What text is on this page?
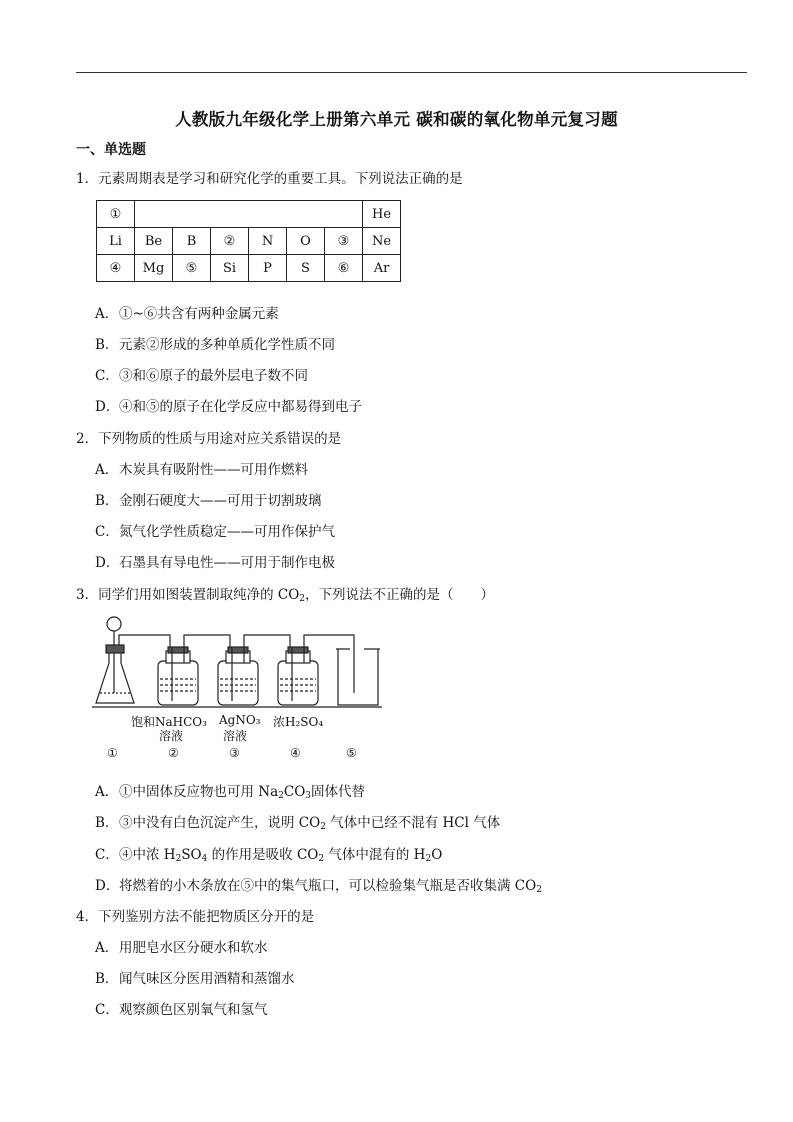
人教版九年级化学上册第六单元 碳和碳的氧化物单元复习题
一、单选题
1．元素周期表是学习和研究化学的重要工具。下列说法正确的是
①							He
Li	Be	B	②	N	O	③	Ne
④	Mg	⑤	Si	P	S	⑥	Ar
A．①~⑥共含有两种金属元素
B．元素②形成的多种单质化学性质不同
C．③和⑥原子的最外层电子数不同
D．④和⑤的原子在化学反应中都易得到电子
2．下列物质的性质与用途对应关系错误的是
A．木炭具有吸附性——可用作燃料
B．金刚石硬度大——可用于切割玻璃
C．氮气化学性质稳定——可用作保护气
D．石墨具有导电性——可用于制作电极
3．同学们用如图装置制取纯净的 $CO_2$，下列说法不正确的是（　　）
饱和NaHCO₃
溶液
AgNO₃
溶液
浓H₂SO₄
①	②	③	④	⑤
A．①中固体反应物也可用 $Na_2CO_3$固体代替
B．③中没有白色沉淀产生，说明 $CO_2$ 气体中已经不混有 HCl 气体
C．④中浓 $H_2SO_4$ 的作用是吸收 $CO_2$ 气体中混有的 $H_2O$
D．将燃着的小木条放在⑤中的集气瓶口，可以检验集气瓶是否收集满 $CO_2$
4．下列鉴别方法不能把物质区分开的是
A．用肥皂水区分硬水和软水
B．闻气味区分医用酒精和蒸馏水
C．观察颜色区别氧气和氢气
